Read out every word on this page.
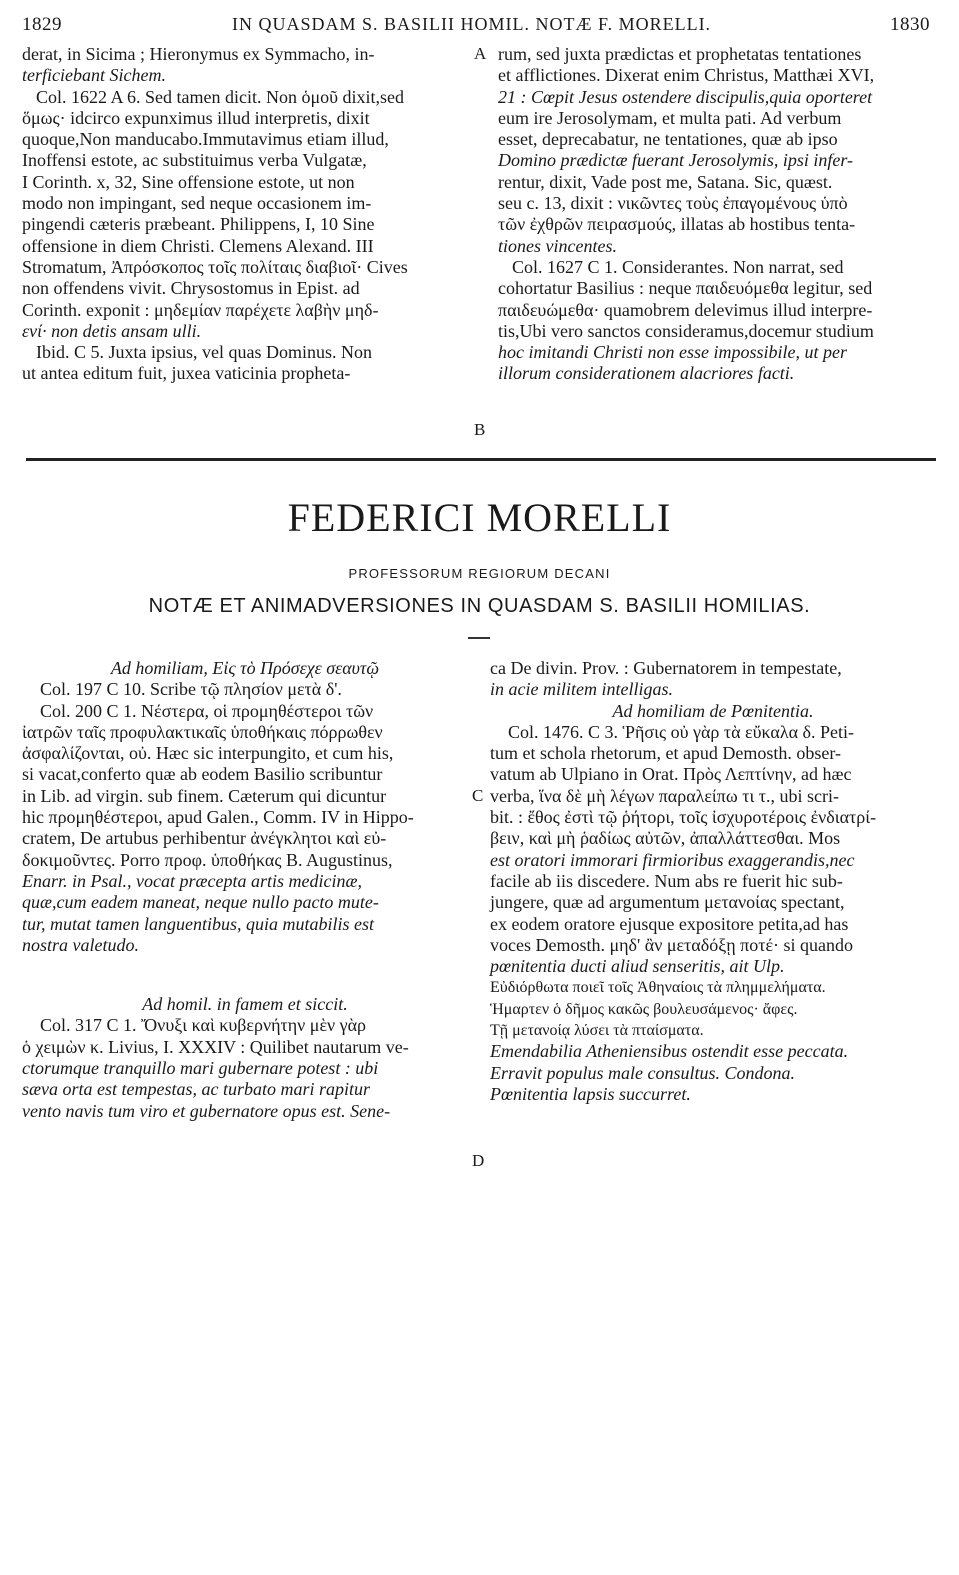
1829	IN QUASDAM S. BASILII HOMIL. NOTÆ F. MORELLI.	1830

derat, in Sicima ; Hieronymus ex Symmacho, in-

terficiebant Sichem.

Col. 1622 A 6. Sed tamen dicit. Non ὁμοῦ dixit,sed

ὅμως· idcirco expunximus illud interpretis, dixit

quoque,Non manducabo.Immutavimus etiam illud,

Inoffensi estote, ac substituimus verba Vulgatæ,

I Corinth. x, 32, Sine offensione estote, ut non

modo non impingant, sed neque occasionem im-

pingendi cæteris præbeant. Philippens, I, 10 Sine

offensione in diem Christi. Clemens Alexand. III

Stromatum, Ἀπρόσκοπος τοῖς πολίταις διαβιοῖ· Cives

non offendens vivit. Chrysostomus in Epist. ad

Corinth. exponit : μηδεμίαν παρέχετε λαβὴν μηδ-

ενί· non detis ansam ulli.

Ibid. C 5. Juxta ipsius, vel quas Dominus. Non

ut antea editum fuit, juxea vaticinia propheta-

A
B

rum, sed juxta prædictas et prophetatas tentationes

et afflictiones. Dixerat enim Christus, Matthæi XVI,

21 : Cœpit Jesus ostendere discipulis,quia oporteret

eum ire Jerosolymam, et multa pati. Ad verbum

esset, deprecabatur, ne tentationes, quæ ab ipso

Domino prædictæ fuerant Jerosolymis, ipsi infer-

rentur, dixit, Vade post me, Satana. Sic, quæst.

seu c. 13, dixit : νικῶντες τοὺς ἐπαγομένους ὑπὸ

τῶν ἐχθρῶν πειρασμούς, illatas ab hostibus tenta-

tiones vincentes.

Col. 1627 C 1. Considerantes. Non narrat, sed

cohortatur Basilius : neque παιδευόμεθα legitur, sed

παιδευώμεθα· quamobrem delevimus illud interpre-

tis,Ubi vero sanctos consideramus,docemur studium

hoc imitandi Christi non esse impossibile, ut per

illorum considerationem alacriores facti.

FEDERICI MORELLI
PROFESSORUM REGIORUM DECANI
NOTÆ ET ANIMADVERSIONES IN QUASDAM S. BASILII HOMILIAS.

Ad homiliam, Εἰς τὸ Πρόσεχε σεαυτῷ

Col. 197 C 10. Scribe τῷ πλησίον μετὰ δ'.

Col. 200 C 1. Νέστερα, οἱ προμηθέστεροι τῶν

ἰατρῶν ταῖς προφυλακτικαῖς ὑποθήκαις πόρρωθεν

ἀσφαλίζονται, οὐ. Hæc sic interpungito, et cum his,

si vacat,conferto quæ ab eodem Basilio scribuntur

in Lib. ad virgin. sub finem. Cæterum qui dicuntur

hic προμηθέστεροι, apud Galen., Comm. IV in Hippo-

cratem, De artubus perhibentur ἀνέγκλητοι καὶ εὐ-

δοκιμοῦντες. Porro προφ. ὑποθήκας B. Augustinus,

Enarr. in Psal., vocat præcepta artis medicinæ,

quæ,cum eadem maneat, neque nullo pacto mute-

tur, mutat tamen languentibus, quia mutabilis est

nostra valetudo.

Ad homil. in famem et siccit.

Col. 317 C 1. Ὄνυξι καὶ κυβερνήτην μὲν γὰρ

ὁ χειμὼν κ. Livius, I. XXXIV : Quilibet nautarum ve-

ctorumque tranquillo mari gubernare potest : ubi

sæva orta est tempestas, ac turbato mari rapitur

vento navis tum viro et gubernatore opus est. Sene-

C
D

ca De divin. Prov. : Gubernatorem in tempestate,

in acie militem intelligas.

Ad homiliam de Pœnitentia.

Col. 1476. C 3. Ῥῆσις οὐ γὰρ τὰ εὔκαλα δ. Peti-

tum et schola rhetorum, et apud Demosth. obser-

vatum ab Ulpiano in Orat. Πρὸς Λεπτίνην, ad hæc

verba, ἵνα δὲ μὴ λέγων παραλείπω τι τ., ubi scri-

bit. : ἔθος ἐστὶ τῷ ῥήτορι, τοῖς ἰσχυροτέροις ἐνδιατρί-

βειν, καὶ μὴ ῥαδίως αὐτῶν, ἀπαλλάττεσθαι. Mos

est oratori immorari firmioribus exaggerandis,nec

facile ab iis discedere. Num abs re fuerit hic sub-

jungere, quæ ad argumentum μετανοίας spectant,

ex eodem oratore ejusque expositore petita,ad has

voces Demosth. μηδ' ἂν μεταδόξῃ ποτέ· si quando

pœnitentia ducti aliud senseritis, ait Ulp.

Εὐδιόρθωτα ποιεῖ τοῖς Ἀθηναίοις τὰ πλημμελήματα.

Ἡμαρτεν ὁ δῆμος κακῶς βουλευσάμενος· ἄφες.

Τῇ μετανοίᾳ λύσει τὰ πταίσματα.

Emendabilia Atheniensibus ostendit esse peccata.

Erravit populus male consultus. Condona.

Pœnitentia lapsis succurret.
